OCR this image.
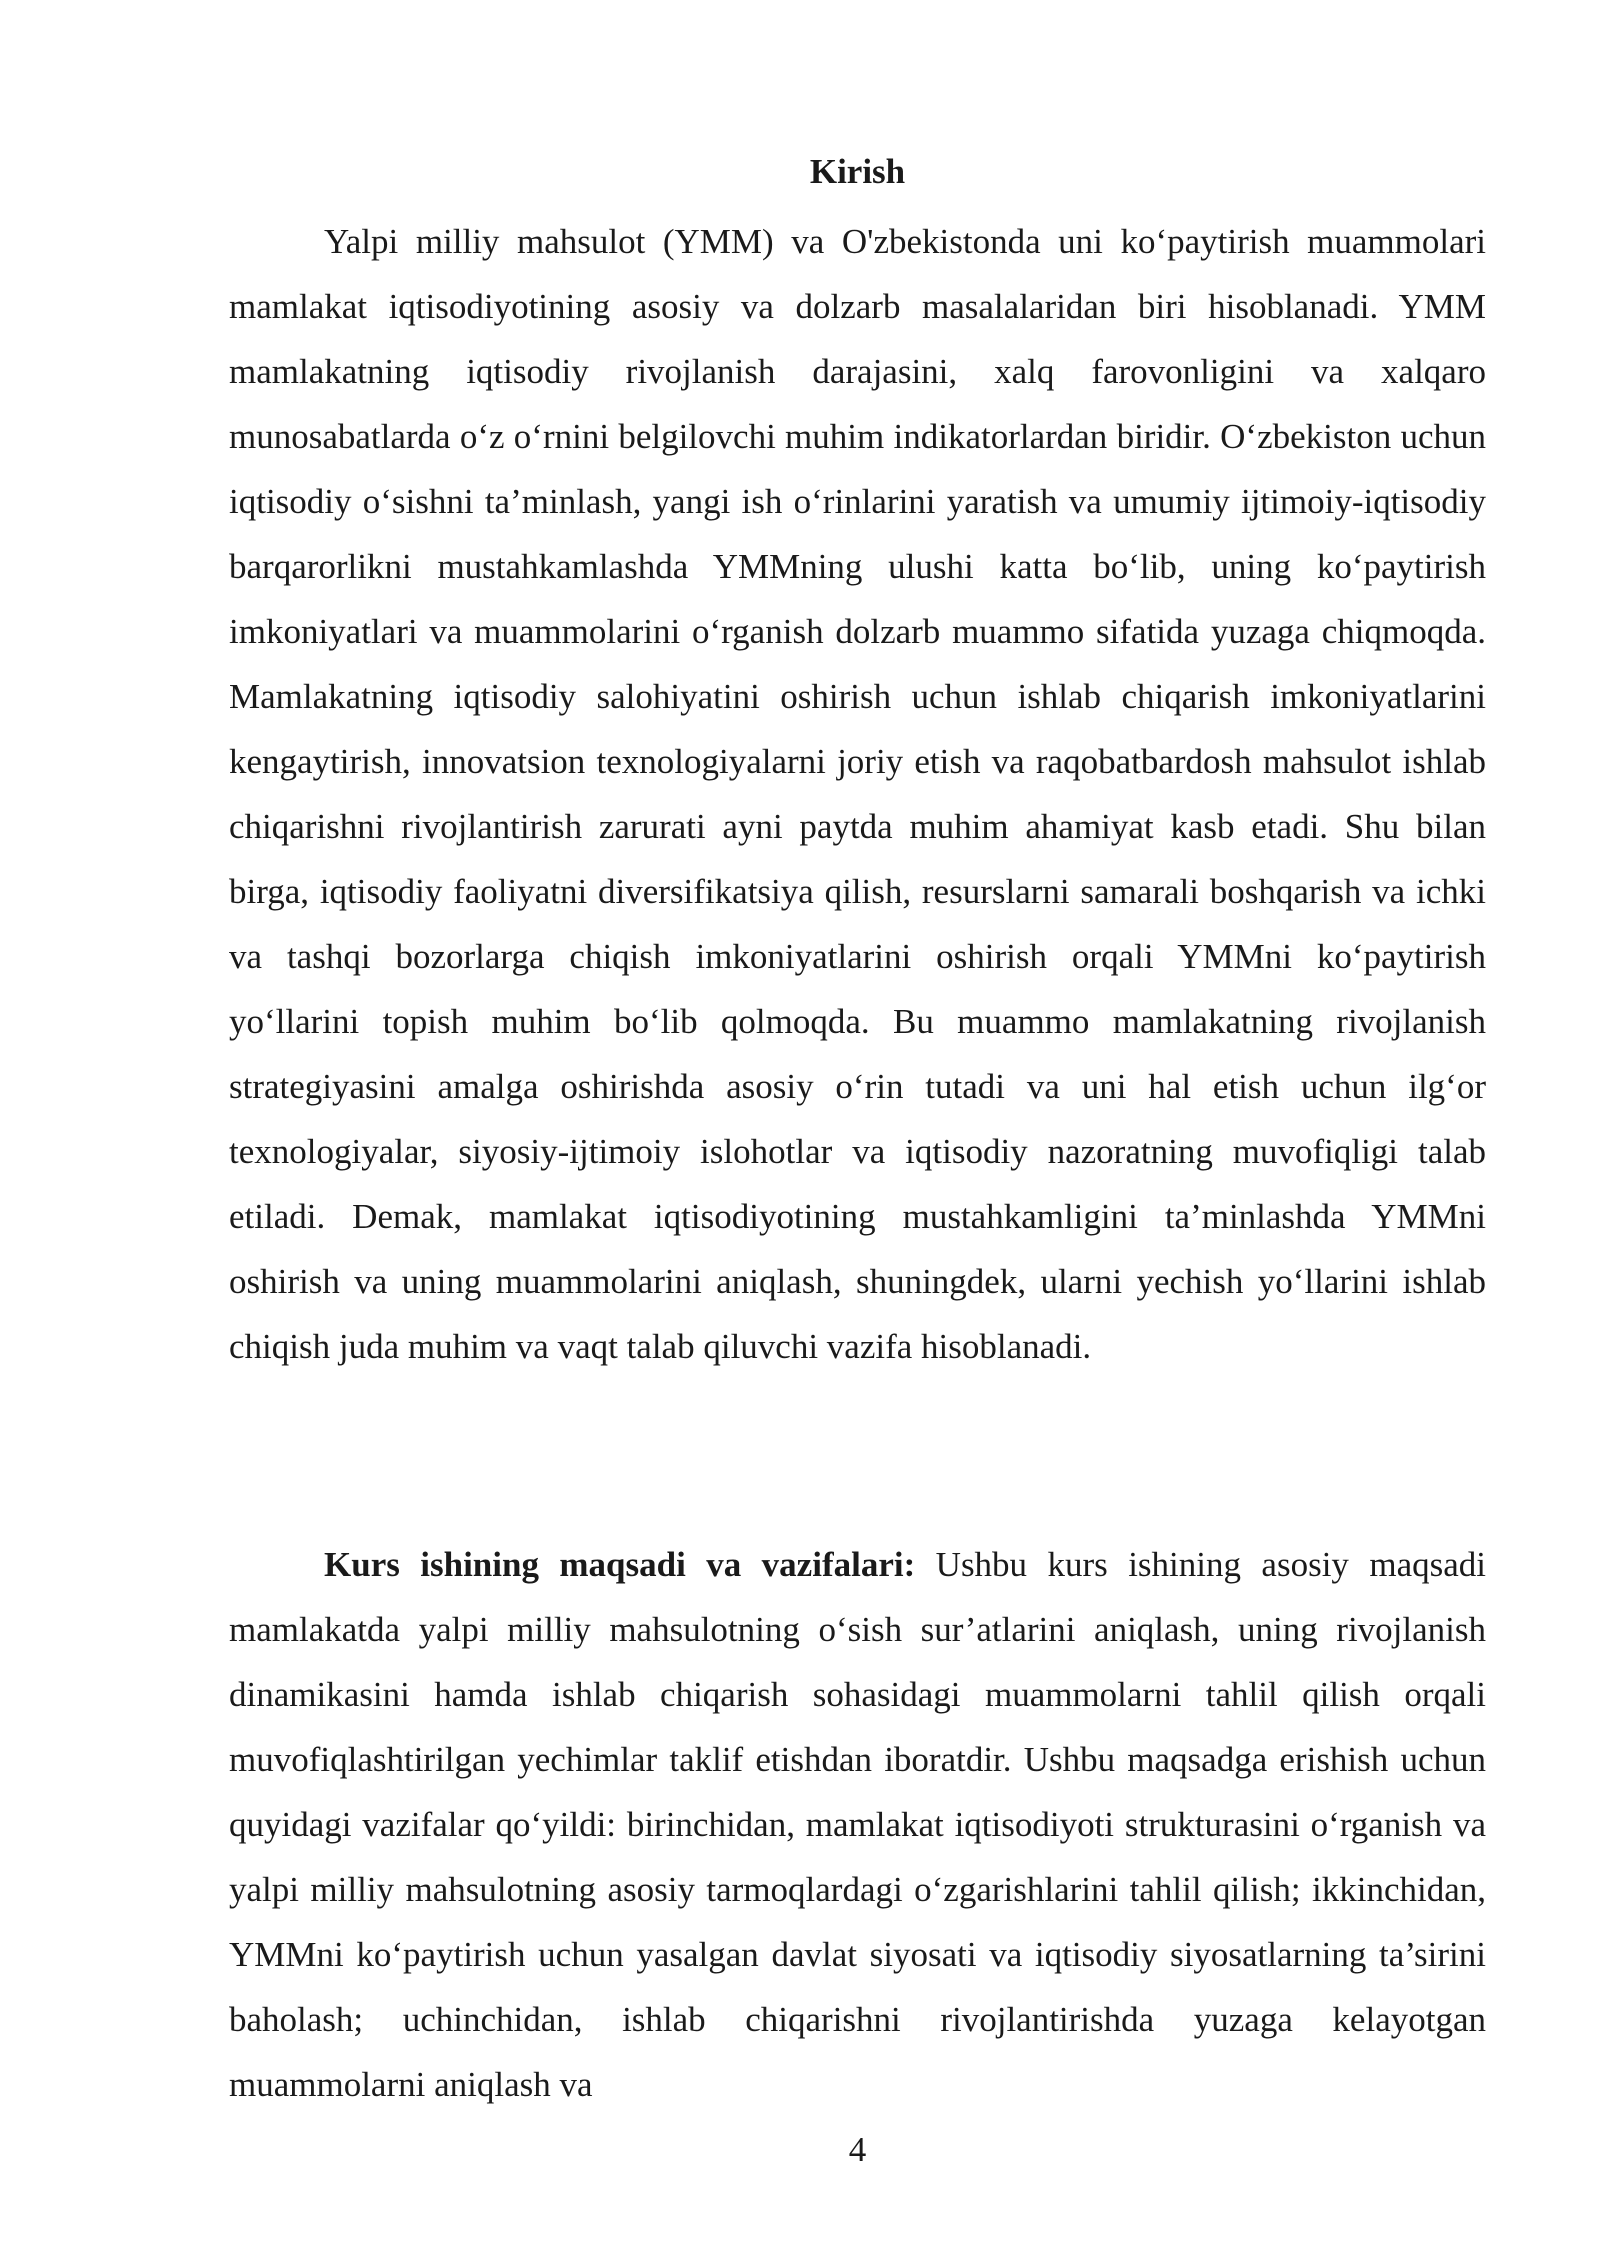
Kirish

Yalpi milliy mahsulot (YMM) va O'zbekistonda uni koʻpaytirish muammolari mamlakat iqtisodiyotining asosiy va dolzarb masalalaridan biri hisoblanadi. YMM mamlakatning iqtisodiy rivojlanish darajasini, xalq farovonligini va xalqaro munosabatlarda oʻz oʻrnini belgilovchi muhim indikatorlardan biridir. Oʻzbekiston uchun iqtisodiy oʻsishni ta’minlash, yangi ish oʻrinlarini yaratish va umumiy ijtimoiy-iqtisodiy barqarorlikni mustahkamlashda YMMning ulushi katta boʻlib, uning koʻpaytirish imkoniyatlari va muammolarini oʻrganish dolzarb muammo sifatida yuzaga chiqmoqda. Mamlakatning iqtisodiy salohiyatini oshirish uchun ishlab chiqarish imkoniyatlarini kengaytirish, innovatsion texnologiyalarni joriy etish va raqobatbardosh mahsulot ishlab chiqarishni rivojlantirish zarurati ayni paytda muhim ahamiyat kasb etadi. Shu bilan birga, iqtisodiy faoliyatni diversifikatsiya qilish, resurslarni samarali boshqarish va ichki va tashqi bozorlarga chiqish imkoniyatlarini oshirish orqali YMMni koʻpaytirish yoʻllarini topish muhim boʻlib qolmoqda. Bu muammo mamlakatning rivojlanish strategiyasini amalga oshirishda asosiy oʻrin tutadi va uni hal etish uchun ilgʻor texnologiyalar, siyosiy-ijtimoiy islohotlar va iqtisodiy nazoratning muvofiqligi talab etiladi. Demak, mamlakat iqtisodiyotining mustahkamligini ta’minlashda YMMni oshirish va uning muammolarini aniqlash, shuningdek, ularni yechish yoʻllarini ishlab chiqish juda muhim va vaqt talab qiluvchi vazifa hisoblanadi.

Kurs ishining maqsadi va vazifalari: Ushbu kurs ishining asosiy maqsadi mamlakatda yalpi milliy mahsulotning oʻsish sur’atlarini aniqlash, uning rivojlanish dinamikasini hamda ishlab chiqarish sohasidagi muammolarni tahlil qilish orqali muvofiqlashtirilgan yechimlar taklif etishdan iboratdir. Ushbu maqsadga erishish uchun quyidagi vazifalar qoʻyildi: birinchidan, mamlakat iqtisodiyoti strukturasini oʻrganish va yalpi milliy mahsulotning asosiy tarmoqlardagi oʻzgarishlarini tahlil qilish; ikkinchidan, YMMni koʻpaytirish uchun yasalgan davlat siyosati va iqtisodiy siyosatlarning ta’sirini baholash; uchinchidan, ishlab chiqarishni rivojlantirishda yuzaga kelayotgan muammolarni aniqlash va

4
